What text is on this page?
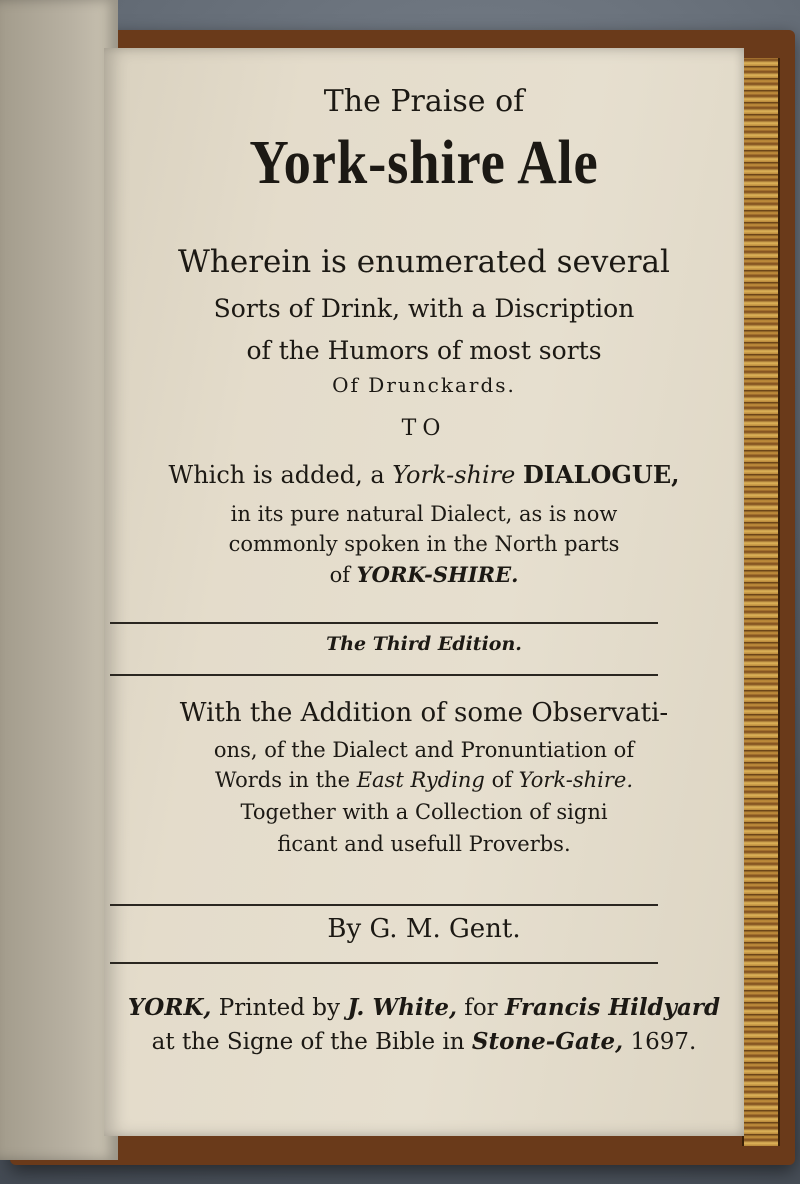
The Praise of
York-shire Ale
Wherein is enumerated several
Sorts of Drink, with a Discription
of the Humors of most sorts
Of Drunckards.
TO
Which is added, a York-shire DIALOGUE,
in its pure natural Dialect, as is now
commonly spoken in the North parts
of YORK-SHIRE.
The Third Edition.
With the Addition of some Observati-
ons, of the Dialect and Pronuntiation of
Words in the East Ryding of York-shire.
Together with a Collection of signi
ficant and usefull Proverbs.
By G. M. Gent.
YORK, Printed by J. White, for Francis Hildyard
at the Signe of the Bible in Stone-Gate, 1697.
